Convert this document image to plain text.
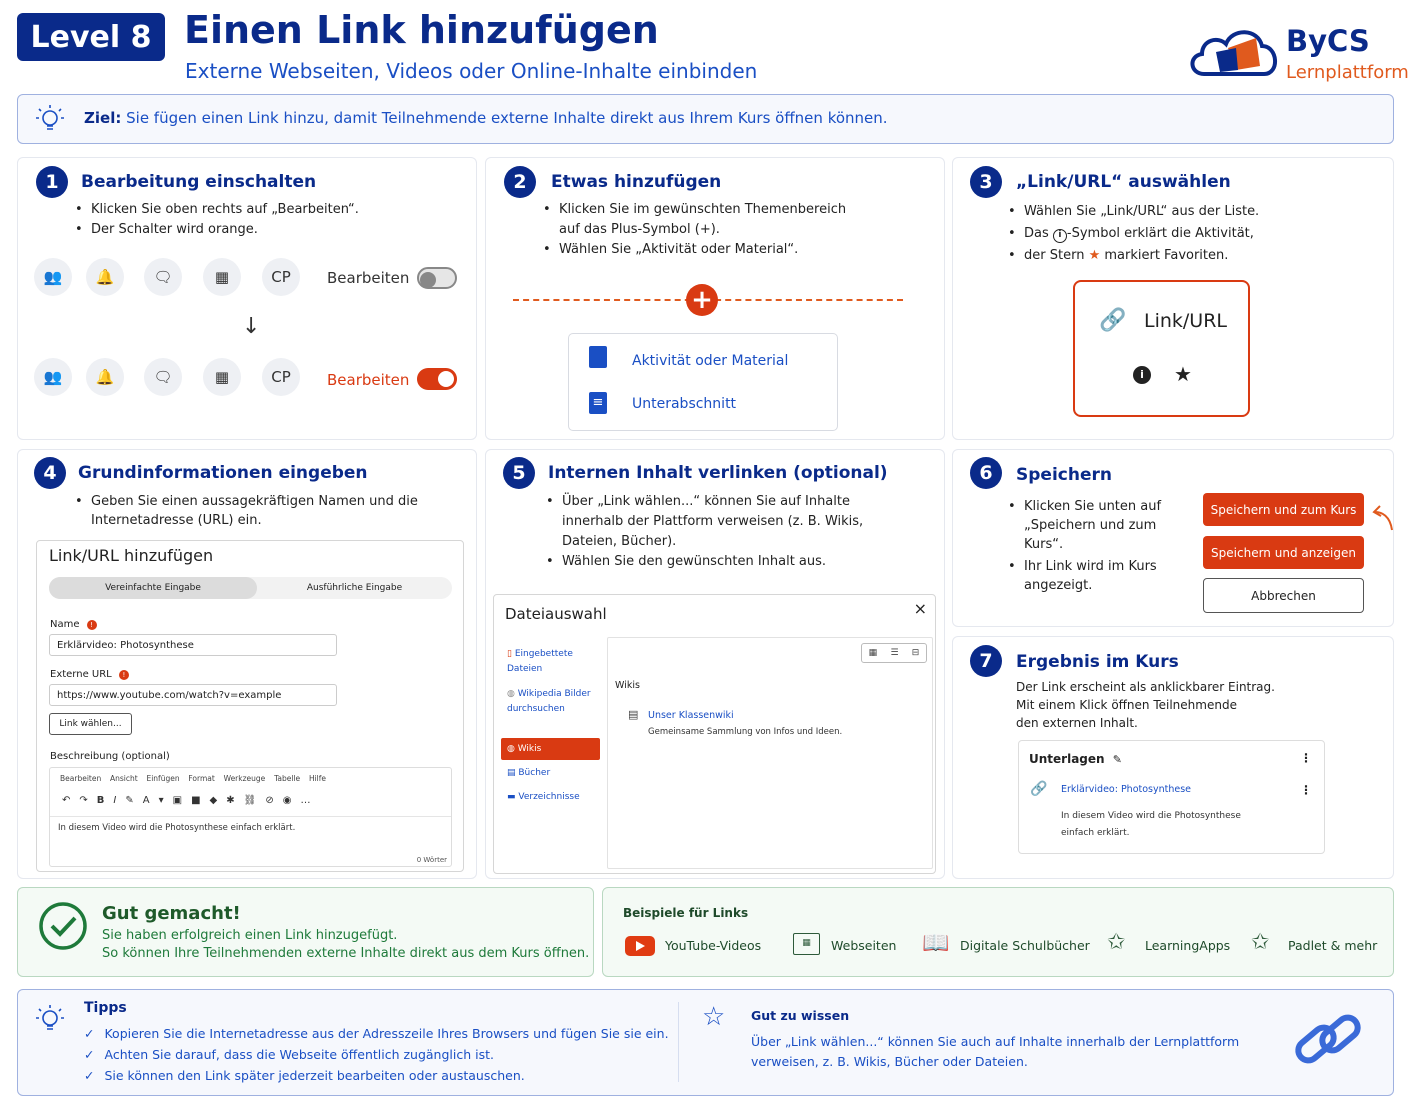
Level 8 Einen Link hinzufügen
Externe Webseiten, Videos oder Online-Inhalte einbinden
ByCS
Lernplattform
Ziel: Sie fügen einen Link hinzu, damit Teilnehmende externe Inhalte direkt aus Ihrem Kurs öffnen können.
1	Bearbeitung einschalten
• Klicken Sie oben rechts auf „Bearbeiten“.
• Der Schalter wird orange.
👥	🔔	🗨	▦	CP	Bearbeiten
↓
👥	🔔	🗨	▦	CP	Bearbeiten
2	Etwas hinzufügen
• Klicken Sie im gewünschten Themenbereich auf das Plus-Symbol (+).
• Wählen Sie „Aktivität oder Material“.
+
Aktivität oder Material
≡ Unterabschnitt
3	„Link/URL“ auswählen
• Wählen Sie „Link/URL“ aus der Liste.
• Das i -Symbol erklärt die Aktivität,
• der Stern ★ markiert Favoriten.
🔗 Link/URL
i	★
4	Grundinformationen eingeben
• Geben Sie einen aussagekräftigen Namen und die Internetadresse (URL) ein.
Link/URL hinzufügen
Vereinfachte Eingabe	Ausführliche Eingabe
Name !
Erklärvideo: Photosynthese
Externe URL !
https://www.youtube.com/watch?v=example
Link wählen...
Beschreibung (optional)
Bearbeiten Ansicht Einfügen Format Werkzeuge Tabelle Hilfe
↶ ↷ B I ✎ A ▾ ▣ ■ ◆ ✱ ⛓ ⊘ ◉ …
In diesem Video wird die Photosynthese einfach erklärt.
0 Wörter
5	Internen Inhalt verlinken (optional)
• Über „Link wählen...“ können Sie auf Inhalte innerhalb der Plattform verweisen (z. B. Wikis, Dateien, Bücher).
• Wählen Sie den gewünschten Inhalt aus.
Dateiauswahl	×
▯ Eingebettete Dateien
◍ Wikipedia Bilder durchsuchen
◍ Wikis
▤ Bücher
▬ Verzeichnisse
▦ ☰ ⊟
Wikis
▤ Unser Klassenwiki
Gemeinsame Sammlung von Infos und Ideen.
6	Speichern
• Klicken Sie unten auf „Speichern und zum Kurs“.
• Ihr Link wird im Kurs angezeigt.
Speichern und zum Kurs
Speichern und anzeigen
Abbrechen
7	Ergebnis im Kurs
Der Link erscheint als anklickbarer Eintrag.
Mit einem Klick öffnen Teilnehmende
den externen Inhalt.
Unterlagen ✎	⋮
🔗 Erklärvideo: Photosynthese	⋮
In diesem Video wird die Photosynthese
einfach erklärt.
Gut gemacht!
Sie haben erfolgreich einen Link hinzugefügt.
So können Ihre Teilnehmenden externe Inhalte direkt aus dem Kurs öffnen.
Beispiele für Links
YouTube-Videos	▦	Webseiten 📖 Digitale Schulbücher ✩ LearningApps ✩ Padlet & mehr
Tipps
✓ Kopieren Sie die Internetadresse aus der Adresszeile Ihres Browsers und fügen Sie sie ein.
✓ Achten Sie darauf, dass die Webseite öffentlich zugänglich ist.
✓ Sie können den Link später jederzeit bearbeiten oder austauschen.
☆ Gut zu wissen
Über „Link wählen...“ können Sie auch auf Inhalte innerhalb der Lernplattform
verweisen, z. B. Wikis, Bücher oder Dateien.
